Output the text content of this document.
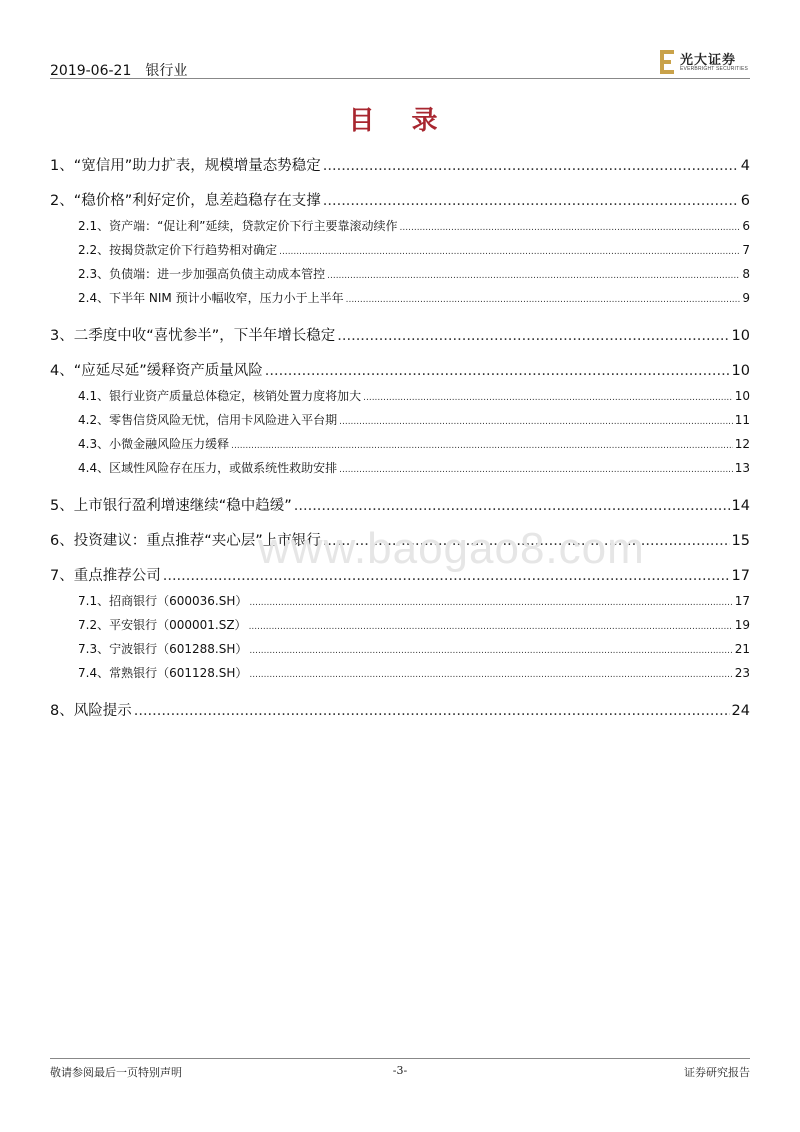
2019-06-21 银行业
光大证券
EVERBRIGHT SECURITIES
目 录
1、 “宽信用”助力扩表，规模增量态势稳定 .....	4
2、 “稳价格”利好定价，息差趋稳存在支撑 .....	6
2.1、 资产端：“促让利”延续，贷款定价下行主要靠滚动续作 .....	6
2.2、 按揭贷款定价下行趋势相对确定 .....	7
2.3、 负债端：进一步加强高负债主动成本管控 .....	8
2.4、 下半年 NIM 预计小幅收窄，压力小于上半年 .....	9
3、 二季度中收“喜忧参半”，下半年增长稳定 .....	10
4、 “应延尽延”缓释资产质量风险 .....	10
4.1、 银行业资产质量总体稳定，核销处置力度将加大 .....	10
4.2、 零售信贷风险无忧，信用卡风险进入平台期 .....	11
4.3、 小微金融风险压力缓释 .....	12
4.4、 区域性风险存在压力，或做系统性救助安排 .....	13
5、 上市银行盈利增速继续“稳中趋缓” .....	14
6、 投资建议：重点推荐“夹心层”上市银行 .....	15
7、 重点推荐公司 .....	17
7.1、 招商银行（600036.SH） .....	17
7.2、 平安银行（000001.SZ） .....	19
7.3、 宁波银行（601288.SH） .....	21
7.4、 常熟银行（601128.SH） .....	23
8、 风险提示 .....	24
www.baogao8.com
敬请参阅最后一页特别声明	-3-	证券研究报告
